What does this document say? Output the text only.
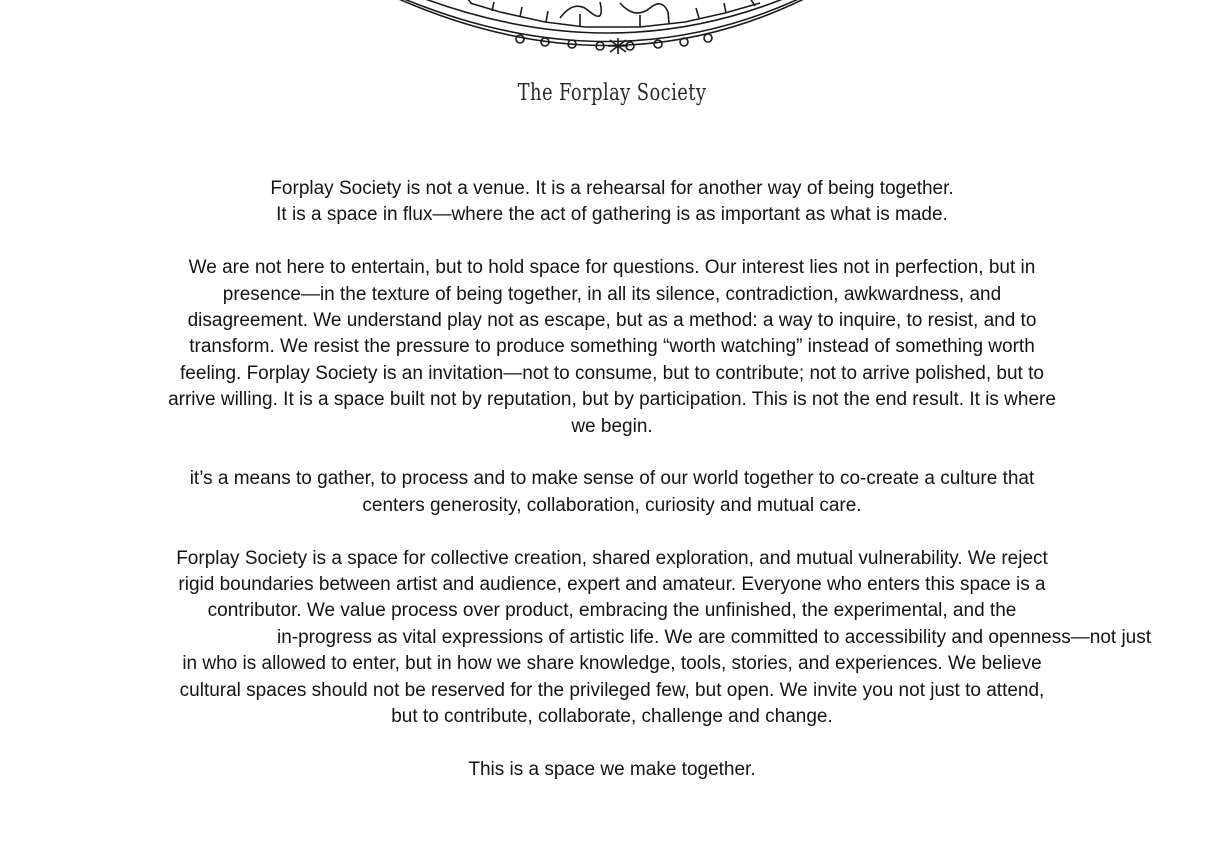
The Forplay Society

Forplay Society is not a venue. It is a rehearsal for another way of being together.
It is a space in flux—where the act of gathering is as important as what is made.

We are not here to entertain, but to hold space for questions. Our interest lies not in perfection, but in
presence—in the texture of being together, in all its silence, contradiction, awkwardness, and
disagreement. We understand play not as escape, but as a method: a way to inquire, to resist, and to
transform. We resist the pressure to produce something “worth watching” instead of something worth
feeling. Forplay Society is an invitation—not to consume, but to contribute; not to arrive polished, but to
arrive willing. It is a space built not by reputation, but by participation. This is not the end result. It is where
we begin.

it’s a means to gather, to process and to make sense of our world together to co-create a culture that
centers generosity, collaboration, curiosity and mutual care.

Forplay Society is a space for collective creation, shared exploration, and mutual vulnerability. We reject
rigid boundaries between artist and audience, expert and amateur. Everyone who enters this space is a
contributor. We value process over product, embracing the unfinished, the experimental, and the
in-progress as vital expressions of artistic life. We are committed to accessibility and openness—not just
in who is allowed to enter, but in how we share knowledge, tools, stories, and experiences. We believe
cultural spaces should not be reserved for the privileged few, but open. We invite you not just to attend,
but to contribute, collaborate, challenge and change.

This is a space we make together.
